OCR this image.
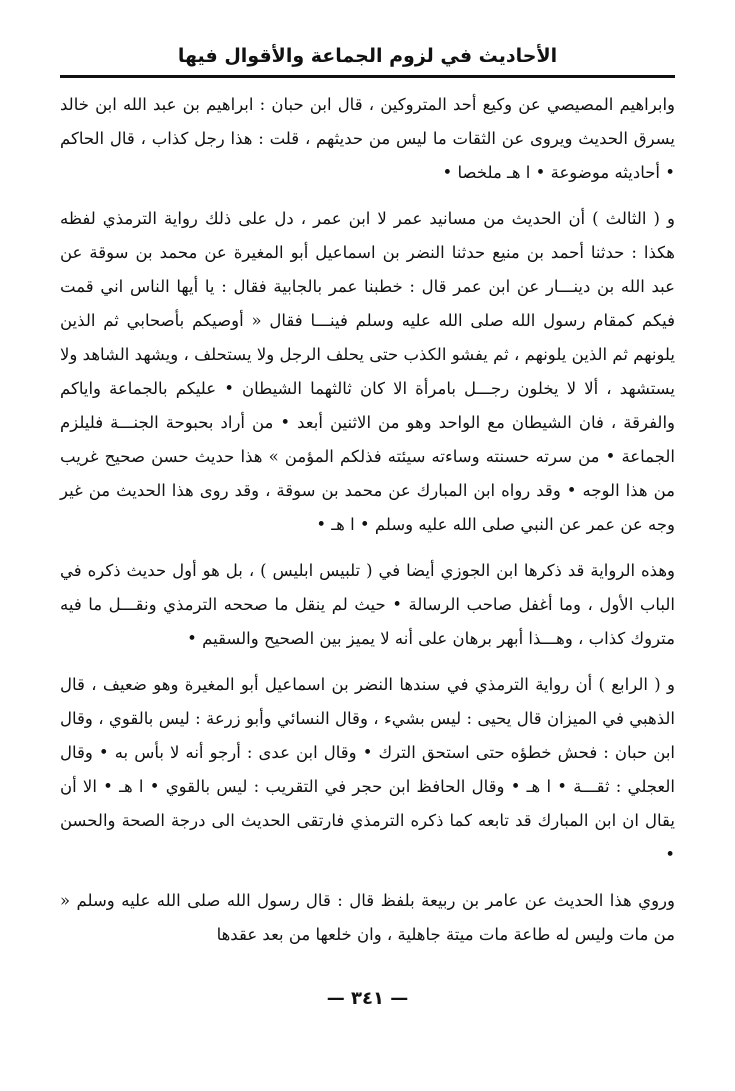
الأحاديث في لزوم الجماعة والأقوال فيها

وابراهيم المصيصي عن وكيع أحد المتروكين ، قال ابن حبان : ابراهيم بن عبد الله ابن خالد يسرق الحديث ويروى عن الثقات ما ليس من حديثهم ، قلت : هذا رجل كذاب ، قال الحاكم • أحاديثه موضوعة • ا هـ ملخصا •

و ( الثالث ) أن الحديث من مسانيد عمر لا ابن عمر ، دل على ذلك رواية الترمذي لفظه هكذا : حدثنا أحمد بن منيع حدثنا النضر بن اسماعيل أبو المغيرة عن محمد بن سوقة عن عبد الله بن دينـــار عن ابن عمر قال : خطبنا عمر بالجابية فقال : يا أيها الناس اني قمت فيكم كمقام رسول الله صلى الله عليه وسلم فينـــا فقال « أوصيكم بأصحابي ثم الذين يلونهم ثم الذين يلونهم ، ثم يفشو الكذب حتى يحلف الرجل ولا يستحلف ، ويشهد الشاهد ولا يستشهد ، ألا لا يخلون رجـــل بامرأة الا كان ثالثهما الشيطان • عليكم بالجماعة واياكم والفرقة ، فان الشيطان مع الواحد وهو من الاثنين أبعد • من أراد بحبوحة الجنـــة فليلزم الجماعة • من سرته حسنته وساءته سيئته فذلكم المؤمن » هذا حديث حسن صحيح غريب من هذا الوجه • وقد رواه ابن المبارك عن محمد بن سوقة ، وقد روى هذا الحديث من غير وجه عن عمر عن النبي صلى الله عليه وسلم • ا هـ •

وهذه الرواية قد ذكرها ابن الجوزي أيضا في ( تلبيس ابليس ) ، بل هو أول حديث ذكره في الباب الأول ، وما أغفل صاحب الرسالة • حيث لم ينقل ما صححه الترمذي ونقـــل ما فيه متروك كذاب ، وهـــذا أبهر برهان على أنه لا يميز بين الصحيح والسقيم •

و ( الرابع ) أن رواية الترمذي في سندها النضر بن اسماعيل أبو المغيرة وهو ضعيف ، قال الذهبي في الميزان قال يحيى : ليس بشيء ، وقال النسائي وأبو زرعة : ليس بالقوي ، وقال ابن حبان : فحش خطؤه حتى استحق الترك • وقال ابن عدى : أرجو أنه لا بأس به • وقال العجلي : ثقـــة • ا هـ • وقال الحافظ ابن حجر في التقريب : ليس بالقوي • ا هـ • الا أن يقال ان ابن المبارك قد تابعه كما ذكره الترمذي فارتقى الحديث الى درجة الصحة والحسن •

وروي هذا الحديث عن عامر بن ربيعة بلفظ قال : قال رسول الله صلى الله عليه وسلم « من مات وليس له طاعة مات ميتة جاهلية ، وان خلعها من بعد عقدها

— ٣٤١ —
